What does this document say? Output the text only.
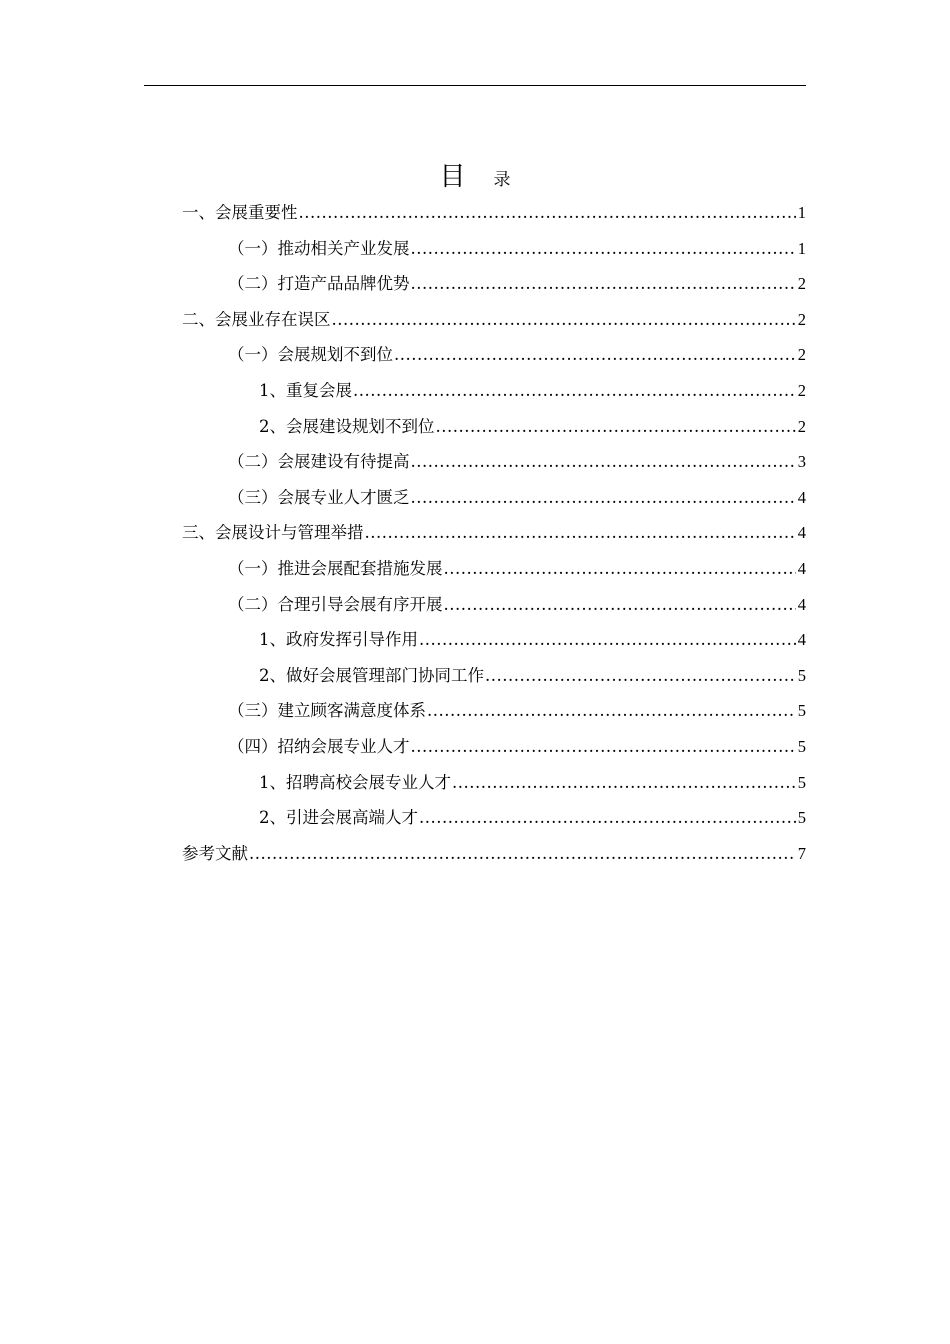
目 录
一、会展重要性 .....	1
（一）推动相关产业发展 .....	1
（二）打造产品品牌优势 .....	2
二、会展业存在误区 .....	2
（一）会展规划不到位 .....	2
1、重复会展 .....	2
2、会展建设规划不到位 .....	2
（二）会展建设有待提高 .....	3
（三）会展专业人才匮乏 .....	4
三、会展设计与管理举措 .....	4
（一）推进会展配套措施发展 .....	4
（二）合理引导会展有序开展 .....	4
1、政府发挥引导作用 .....	4
2、做好会展管理部门协同工作 .....	5
（三）建立顾客满意度体系 .....	5
（四）招纳会展专业人才 .....	5
1、招聘高校会展专业人才 .....	5
2、引进会展高端人才 .....	5
参考文献 .....	7
